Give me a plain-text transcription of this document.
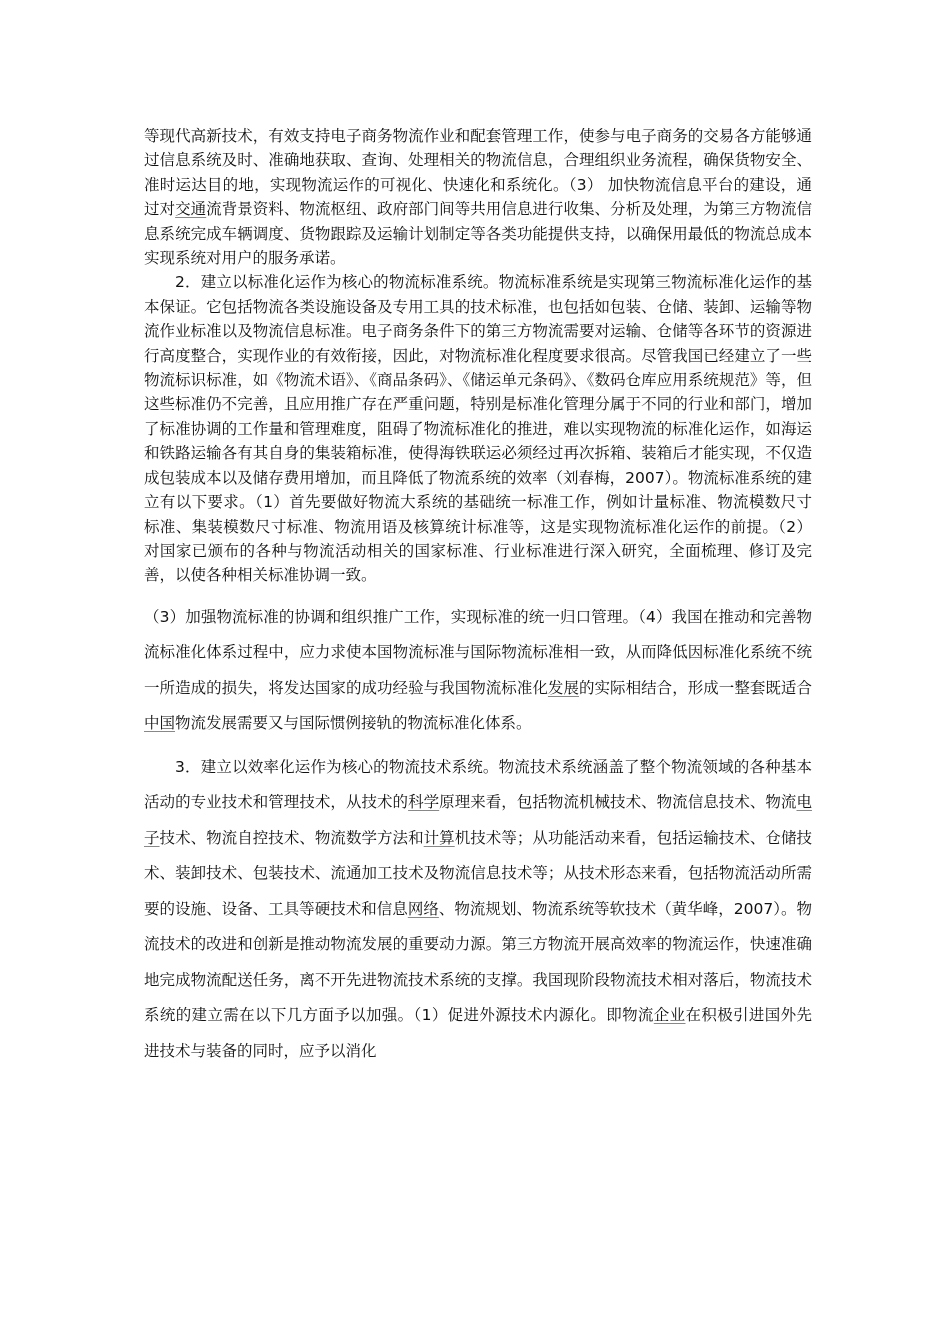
等现代高新技术，有效支持电子商务物流作业和配套管理工作，使参与电子商务的交易各方能够通过信息系统及时、准确地获取、查询、处理相关的物流信息，合理组织业务流程，确保货物安全、准时运达目的地，实现物流运作的可视化、快速化和系统化。（3） 加快物流信息平台的建设，通过对交通流背景资料、物流枢纽、政府部门间等共用信息进行收集、分析及处理，为第三方物流信息系统完成车辆调度、货物跟踪及运输计划制定等各类功能提供支持，以确保用最低的物流总成本实现系统对用户的服务承诺。

2．建立以标准化运作为核心的物流标准系统。物流标准系统是实现第三物流标准化运作的基本保证。它包括物流各类设施设备及专用工具的技术标准，也包括如包装、仓储、装卸、运输等物流作业标准以及物流信息标准。电子商务条件下的第三方物流需要对运输、仓储等各环节的资源进行高度整合，实现作业的有效衔接，因此，对物流标准化程度要求很高。尽管我国已经建立了一些物流标识标准，如《物流术语》、《商品条码》、《储运单元条码》、《数码仓库应用系统规范》等，但这些标准仍不完善，且应用推广存在严重问题，特别是标准化管理分属于不同的行业和部门，增加了标准协调的工作量和管理难度，阻碍了物流标准化的推进，难以实现物流的标准化运作，如海运和铁路运输各有其自身的集装箱标准，使得海铁联运必须经过再次拆箱、装箱后才能实现，不仅造成包装成本以及储存费用增加，而且降低了物流系统的效率（刘春梅，2007）。物流标准系统的建立有以下要求。（1）首先要做好物流大系统的基础统一标准工作，例如计量标准、物流模数尺寸标准、集装模数尺寸标准、物流用语及核算统计标准等，这是实现物流标准化运作的前提。（2）对国家已颁布的各种与物流活动相关的国家标准、行业标准进行深入研究，全面梳理、修订及完善，以使各种相关标准协调一致。

（3）加强物流标准的协调和组织推广工作，实现标准的统一归口管理。（4）我国在推动和完善物流标准化体系过程中，应力求使本国物流标准与国际物流标准相一致，从而降低因标准化系统不统一所造成的损失，将发达国家的成功经验与我国物流标准化发展的实际相结合，形成一整套既适合中国物流发展需要又与国际惯例接轨的物流标准化体系。

3．建立以效率化运作为核心的物流技术系统。物流技术系统涵盖了整个物流领域的各种基本活动的专业技术和管理技术，从技术的科学原理来看，包括物流机械技术、物流信息技术、物流电子技术、物流自控技术、物流数学方法和计算机技术等；从功能活动来看，包括运输技术、仓储技术、装卸技术、包装技术、流通加工技术及物流信息技术等；从技术形态来看，包括物流活动所需要的设施、设备、工具等硬技术和信息网络、物流规划、物流系统等软技术（黄华峰，2007）。物流技术的改进和创新是推动物流发展的重要动力源。第三方物流开展高效率的物流运作，快速准确地完成物流配送任务，离不开先进物流技术系统的支撑。我国现阶段物流技术相对落后，物流技术系统的建立需在以下几方面予以加强。（1）促进外源技术内源化。即物流企业在积极引进国外先进技术与装备的同时，应予以消化
